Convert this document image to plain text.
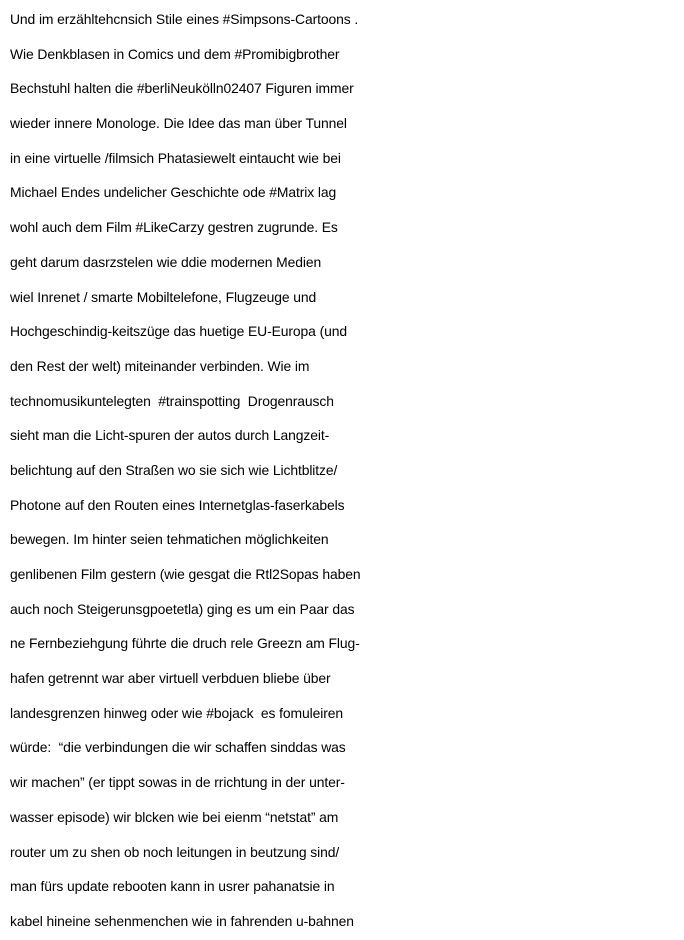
Und im erzähltehcnsich Stile eines #Simpsons-Cartoons .
Wie Denkblasen in Comics und dem #Promibigbrother
Bechstuhl halten die #berliNeukölln02407 Figuren immer
wieder innere Monologe. Die Idee das man über Tunnel
in eine virtuelle /filmsich Phatasiewelt eintaucht wie bei
Michael Endes undelicher Geschichte ode #Matrix lag
wohl auch dem Film #LikeCarzy gestren zugrunde. Es
geht darum dasrzstelen wie ddie modernen Medien
wiel Inrenet / smarte Mobiltelefone, Flugzeuge und
Hochgeschindig-keitszüge das huetige EU-Europa (und
den Rest der welt) miteinander verbinden. Wie im
technomusikuntelegten  #trainspotting  Drogenrausch
sieht man die Licht-spuren der autos durch Langzeit-
belichtung auf den Straßen wo sie sich wie Lichtblitze/
Photone auf den Routen eines Internetglas-faserkabels
bewegen. Im hinter seien tehmatichen möglichkeiten
genlibenen Film gestern (wie gesgat die Rtl2Sopas haben
auch noch Steigerunsgpoetetla) ging es um ein Paar das
ne Fernbeziehgung führte die druch rele Greezn am Flug-
hafen getrennt war aber virtuell verbduen bliebe über
landesgrenzen hinweg oder wie #bojack  es fomuleiren
würde:  “die verbindungen die wir schaffen sinddas was
wir machen” (er tippt sowas in de rrichtung in der unter-
wasser episode) wir blcken wie bei eienm “netstat” am
router um zu shen ob noch leitungen in beutzung sind/
man fürs update rebooten kann in usrer pahanatsie in
kabel hineine sehenmenchen wie in fahrenden u-bahnen
